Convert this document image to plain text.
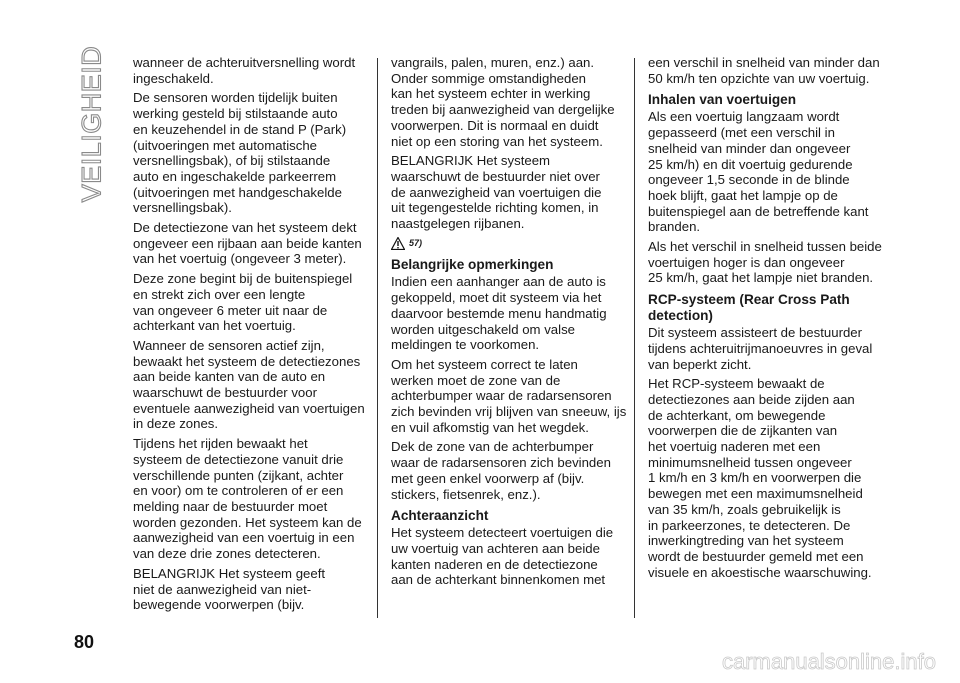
VEILIGHEID wanneer de achteruitversnelling wordt
ingeschakeld.

De sensoren worden tijdelijk buiten
werking gesteld bij stilstaande auto
en keuzehendel in de stand P (Park)
(uitvoeringen met automatische
versnellingsbak), of bij stilstaande
auto en ingeschakelde parkeerrem
(uitvoeringen met handgeschakelde
versnellingsbak).

De detectiezone van het systeem dekt
ongeveer een rijbaan aan beide kanten
van het voertuig (ongeveer 3 meter).

Deze zone begint bij de buitenspiegel
en strekt zich over een lengte
van ongeveer 6 meter uit naar de
achterkant van het voertuig.

Wanneer de sensoren actief zijn,
bewaakt het systeem de detectiezones
aan beide kanten van de auto en
waarschuwt de bestuurder voor
eventuele aanwezigheid van voertuigen
in deze zones.

Tijdens het rijden bewaakt het
systeem de detectiezone vanuit drie
verschillende punten (zijkant, achter
en voor) om te controleren of er een
melding naar de bestuurder moet
worden gezonden. Het systeem kan de
aanwezigheid van een voertuig in een
van deze drie zones detecteren.

BELANGRIJK Het systeem geeft
niet de aanwezigheid van niet-
bewegende voorwerpen (bijv.

vangrails, palen, muren, enz.) aan.
Onder sommige omstandigheden
kan het systeem echter in werking
treden bij aanwezigheid van dergelijke
voorwerpen. Dit is normaal en duidt
niet op een storing van het systeem.

BELANGRIJK Het systeem
waarschuwt de bestuurder niet over
de aanwezigheid van voertuigen die
uit tegengestelde richting komen, in
naastgelegen rijbanen.

57)
Belangrijke opmerkingen

Indien een aanhanger aan de auto is
gekoppeld, moet dit systeem via het
daarvoor bestemde menu handmatig
worden uitgeschakeld om valse
meldingen te voorkomen.

Om het systeem correct te laten
werken moet de zone van de
achterbumper waar de radarsensoren
zich bevinden vrij blijven van sneeuw, ijs
en vuil afkomstig van het wegdek.

Dek de zone van de achterbumper
waar de radarsensoren zich bevinden
met geen enkel voorwerp af (bijv.
stickers, fietsenrek, enz.).

Achteraanzicht

Het systeem detecteert voertuigen die
uw voertuig van achteren aan beide
kanten naderen en de detectiezone
aan de achterkant binnenkomen met

een verschil in snelheid van minder dan
50 km/h ten opzichte van uw voertuig.

Inhalen van voertuigen

Als een voertuig langzaam wordt
gepasseerd (met een verschil in
snelheid van minder dan ongeveer
25 km/h) en dit voertuig gedurende
ongeveer 1,5 seconde in de blinde
hoek blijft, gaat het lampje op de
buitenspiegel aan de betreffende kant
branden.

Als het verschil in snelheid tussen beide
voertuigen hoger is dan ongeveer
25 km/h, gaat het lampje niet branden.

RCP-systeem (Rear Cross Path
detection)

Dit systeem assisteert de bestuurder
tijdens achteruitrijmanoeuvres in geval
van beperkt zicht.

Het RCP-systeem bewaakt de
detectiezones aan beide zijden aan
de achterkant, om bewegende
voorwerpen die de zijkanten van
het voertuig naderen met een
minimumsnelheid tussen ongeveer
1 km/h en 3 km/h en voorwerpen die
bewegen met een maximumsnelheid
van 35 km/h, zoals gebruikelijk is
in parkeerzones, te detecteren. De
inwerkingtreding van het systeem
wordt de bestuurder gemeld met een
visuele en akoestische waarschuwing.

80
carmanualsonline.info
